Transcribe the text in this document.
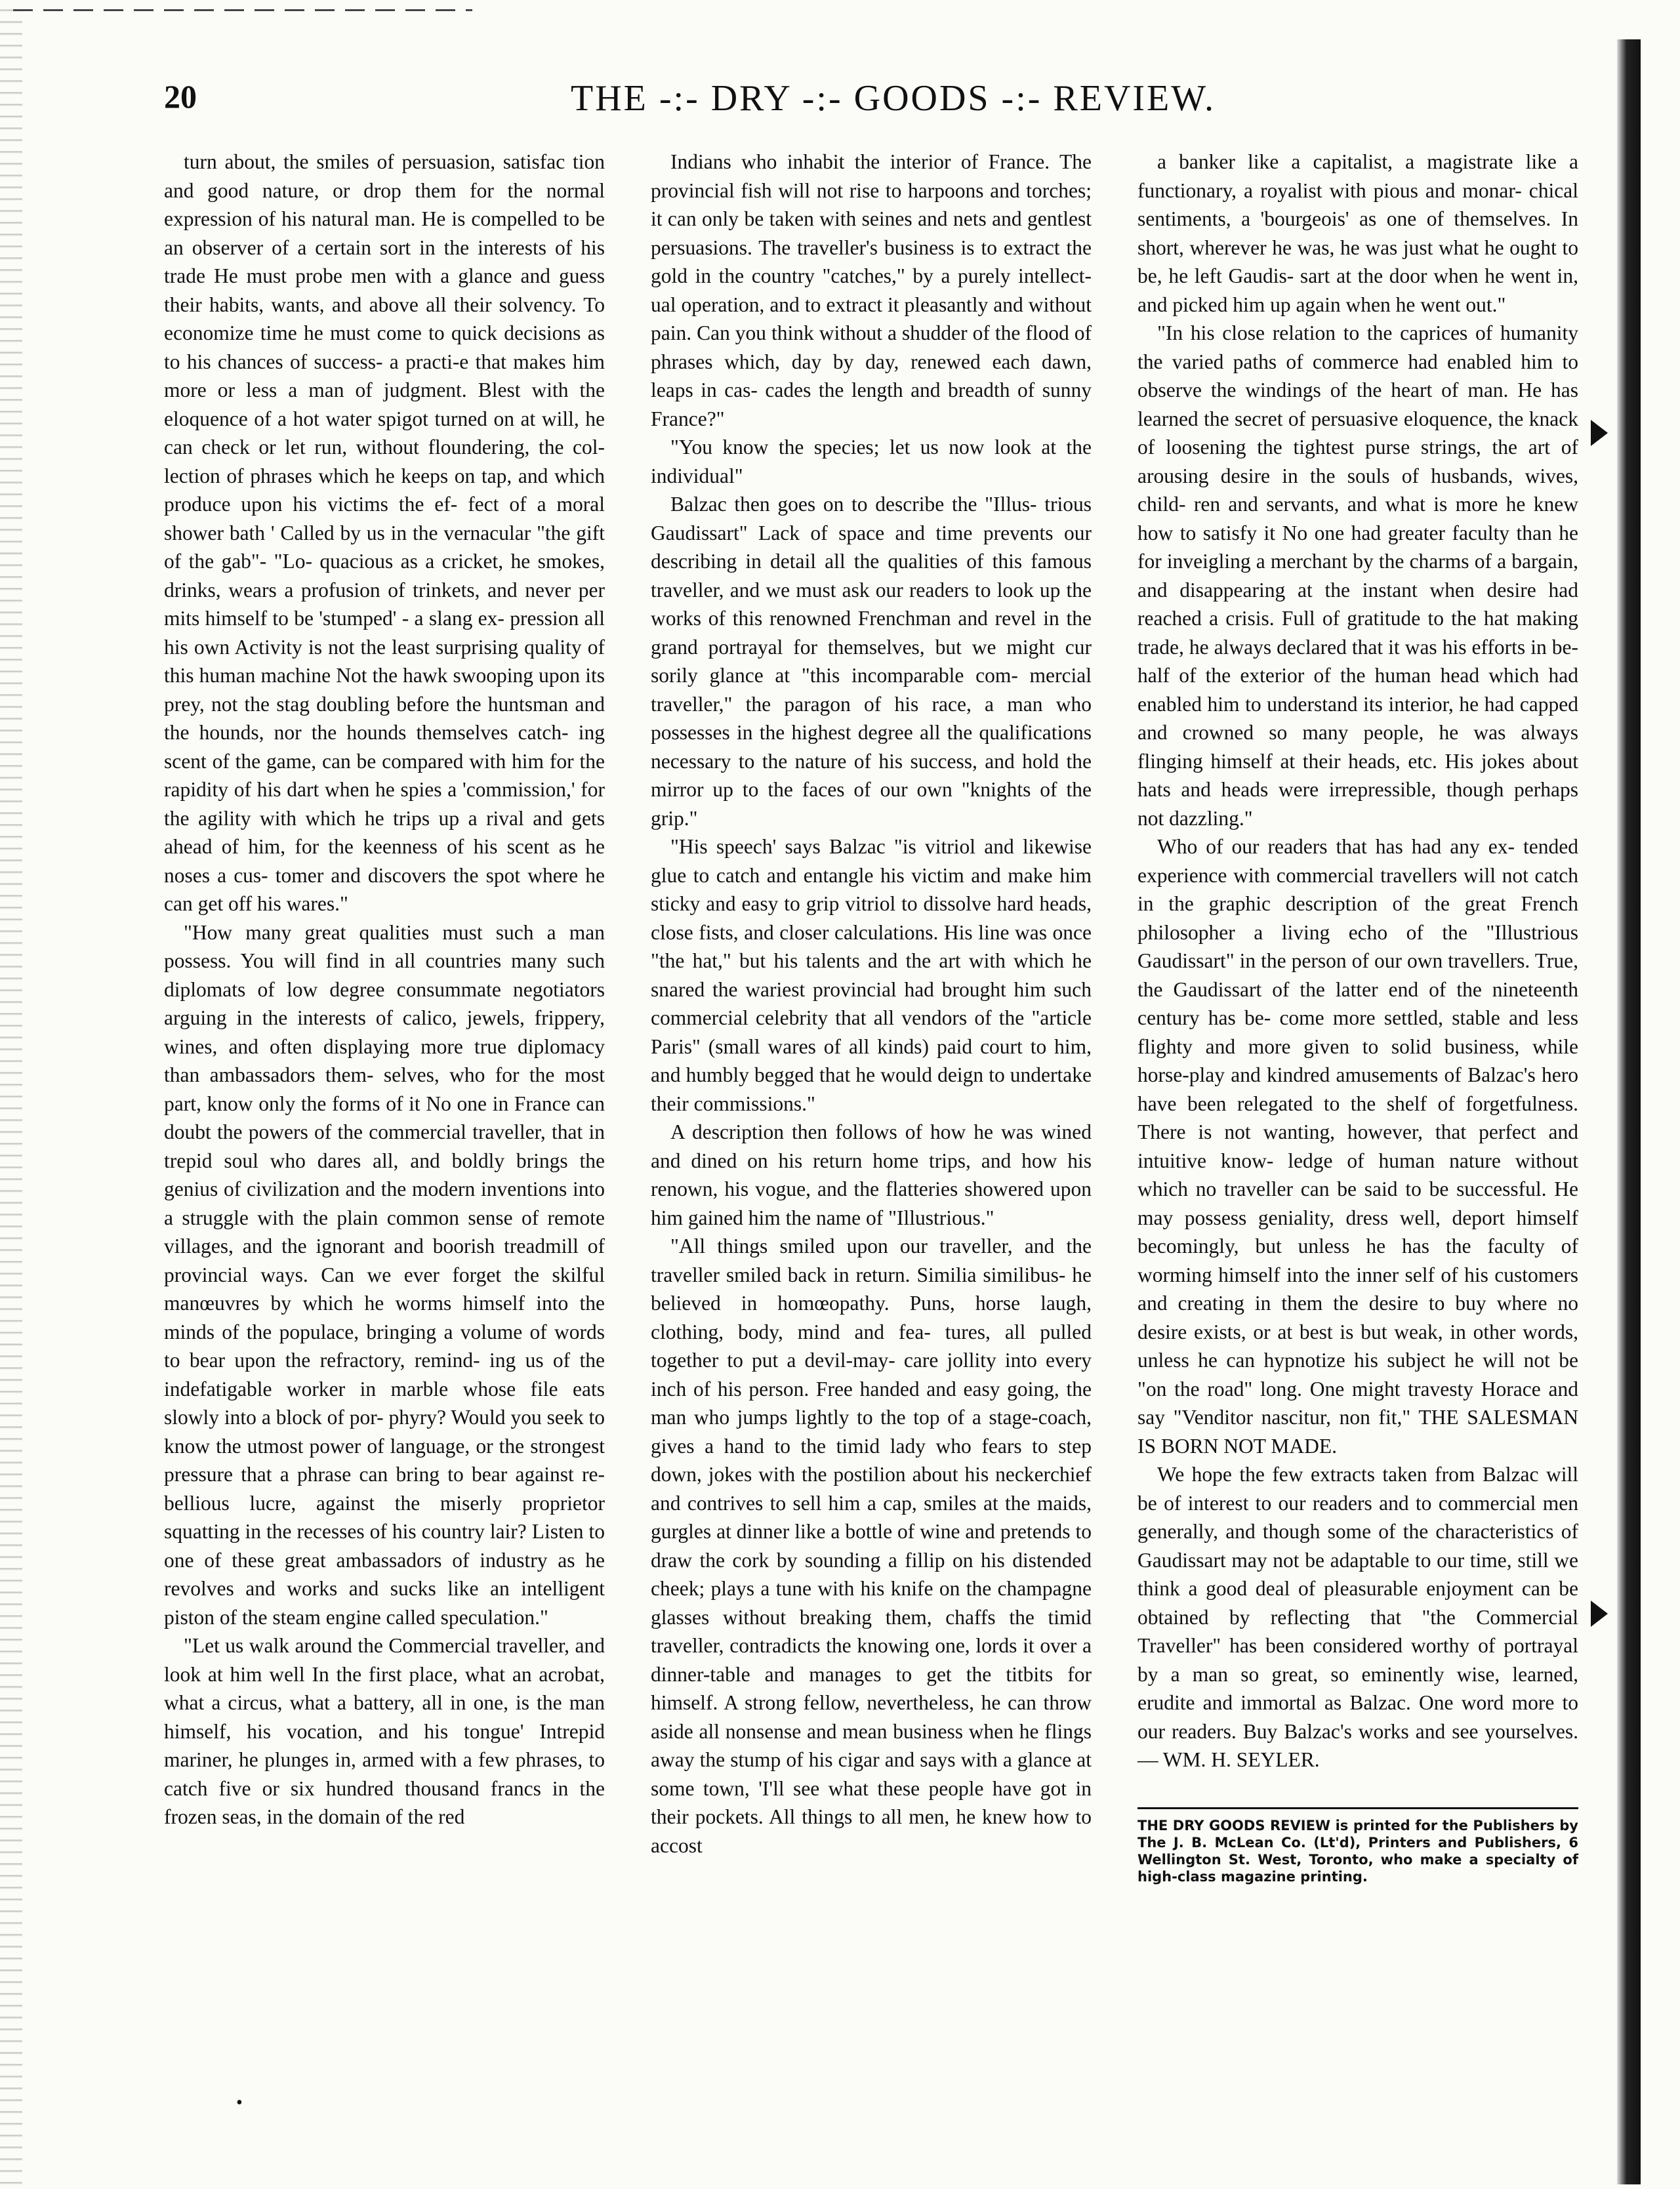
20	THE -:- DRY -:- GOODS -:- REVIEW.

turn about, the smiles of persuasion, satisfac tion and good nature, or drop them for the normal expression of his natural man. He is compelled to be an observer of a certain sort in the interests of his trade He must probe men with a glance and guess their habits, wants, and above all their solvency. To economize time he must come to quick decisions as to his chances of success- a practi-e that makes him more or less a man of judgment. Blest with the eloquence of a hot water spigot turned on at will, he can check or let run, without floundering, the col- lection of phrases which he keeps on tap, and which produce upon his victims the ef- fect of a moral shower bath ' Called by us in the vernacular "the gift of the gab"- "Lo- quacious as a cricket, he smokes, drinks, wears a profusion of trinkets, and never per mits himself to be 'stumped' - a slang ex- pression all his own Activity is not the least surprising quality of this human machine Not the hawk swooping upon its prey, not the stag doubling before the huntsman and the hounds, nor the hounds themselves catch- ing scent of the game, can be compared with him for the rapidity of his dart when he spies a 'commission,' for the agility with which he trips up a rival and gets ahead of him, for the keenness of his scent as he noses a cus- tomer and discovers the spot where he can get off his wares."

"How many great qualities must such a man possess. You will find in all countries many such diplomats of low degree consummate negotiators arguing in the interests of calico, jewels, frippery, wines, and often displaying more true diplomacy than ambassadors them- selves, who for the most part, know only the forms of it No one in France can doubt the powers of the commercial traveller, that in trepid soul who dares all, and boldly brings the genius of civilization and the modern inventions into a struggle with the plain common sense of remote villages, and the ignorant and boorish treadmill of provincial ways. Can we ever forget the skilful manœuvres by which he worms himself into the minds of the populace, bringing a volume of words to bear upon the refractory, remind- ing us of the indefatigable worker in marble whose file eats slowly into a block of por- phyry? Would you seek to know the utmost power of language, or the strongest pressure that a phrase can bring to bear against re- bellious lucre, against the miserly proprietor squatting in the recesses of his country lair? Listen to one of these great ambassadors of industry as he revolves and works and sucks like an intelligent piston of the steam engine called speculation."

"Let us walk around the Commercial traveller, and look at him well In the first place, what an acrobat, what a circus, what a battery, all in one, is the man himself, his vocation, and his tongue' Intrepid mariner, he plunges in, armed with a few phrases, to catch five or six hundred thousand francs in the frozen seas, in the domain of the red

Indians who inhabit the interior of France. The provincial fish will not rise to harpoons and torches; it can only be taken with seines and nets and gentlest persuasions. The traveller's business is to extract the gold in the country "catches," by a purely intellect- ual operation, and to extract it pleasantly and without pain. Can you think without a shudder of the flood of phrases which, day by day, renewed each dawn, leaps in cas- cades the length and breadth of sunny France?"

"You know the species; let us now look at the individual"

Balzac then goes on to describe the "Illus- trious Gaudissart" Lack of space and time prevents our describing in detail all the qualities of this famous traveller, and we must ask our readers to look up the works of this renowned Frenchman and revel in the grand portrayal for themselves, but we might cur sorily glance at "this incomparable com- mercial traveller," the paragon of his race, a man who possesses in the highest degree all the qualifications necessary to the nature of his success, and hold the mirror up to the faces of our own "knights of the grip."

"His speech' says Balzac "is vitriol and likewise glue to catch and entangle his victim and make him sticky and easy to grip vitriol to dissolve hard heads, close fists, and closer calculations. His line was once "the hat," but his talents and the art with which he snared the wariest provincial had brought him such commercial celebrity that all vendors of the "article Paris" (small wares of all kinds) paid court to him, and humbly begged that he would deign to undertake their commissions."

A description then follows of how he was wined and dined on his return home trips, and how his renown, his vogue, and the flatteries showered upon him gained him the name of "Illustrious."

"All things smiled upon our traveller, and the traveller smiled back in return. Similia similibus- he believed in homœopathy. Puns, horse laugh, clothing, body, mind and fea- tures, all pulled together to put a devil-may- care jollity into every inch of his person. Free handed and easy going, the man who jumps lightly to the top of a stage-coach, gives a hand to the timid lady who fears to step down, jokes with the postilion about his neckerchief and contrives to sell him a cap, smiles at the maids, gurgles at dinner like a bottle of wine and pretends to draw the cork by sounding a fillip on his distended cheek; plays a tune with his knife on the champagne glasses without breaking them, chaffs the timid traveller, contradicts the knowing one, lords it over a dinner-table and manages to get the titbits for himself. A strong fellow, nevertheless, he can throw aside all nonsense and mean business when he flings away the stump of his cigar and says with a glance at some town, 'I'll see what these people have got in their pockets. All things to all men, he knew how to accost

a banker like a capitalist, a magistrate like a functionary, a royalist with pious and monar- chical sentiments, a 'bourgeois' as one of themselves. In short, wherever he was, he was just what he ought to be, he left Gaudis- sart at the door when he went in, and picked him up again when he went out."

"In his close relation to the caprices of humanity the varied paths of commerce had enabled him to observe the windings of the heart of man. He has learned the secret of persuasive eloquence, the knack of loosening the tightest purse strings, the art of arousing desire in the souls of husbands, wives, child- ren and servants, and what is more he knew how to satisfy it No one had greater faculty than he for inveigling a merchant by the charms of a bargain, and disappearing at the instant when desire had reached a crisis. Full of gratitude to the hat making trade, he always declared that it was his efforts in be- half of the exterior of the human head which had enabled him to understand its interior, he had capped and crowned so many people, he was always flinging himself at their heads, etc. His jokes about hats and heads were irrepressible, though perhaps not dazzling."

Who of our readers that has had any ex- tended experience with commercial travellers will not catch in the graphic description of the great French philosopher a living echo of the "Illustrious Gaudissart" in the person of our own travellers. True, the Gaudissart of the latter end of the nineteenth century has be- come more settled, stable and less flighty and more given to solid business, while horse-play and kindred amusements of Balzac's hero have been relegated to the shelf of forgetfulness. There is not wanting, however, that perfect and intuitive know- ledge of human nature without which no traveller can be said to be successful. He may possess geniality, dress well, deport himself becomingly, but unless he has the faculty of worming himself into the inner self of his customers and creating in them the desire to buy where no desire exists, or at best is but weak, in other words, unless he can hypnotize his subject he will not be "on the road" long. One might travesty Horace and say "Venditor nascitur, non fit," THE SALESMAN IS BORN NOT MADE.

We hope the few extracts taken from Balzac will be of interest to our readers and to commercial men generally, and though some of the characteristics of Gaudissart may not be adaptable to our time, still we think a good deal of pleasurable enjoyment can be obtained by reflecting that "the Commercial Traveller" has been considered worthy of portrayal by a man so great, so eminently wise, learned, erudite and immortal as Balzac. One word more to our readers. Buy Balzac's works and see yourselves.— WM. H. SEYLER.

THE DRY GOODS REVIEW is printed for the Publishers by The J. B. McLean Co. (Lt'd), Printers and Publishers, 6 Wellington St. West, Toronto, who make a specialty of high-class magazine printing.
•
